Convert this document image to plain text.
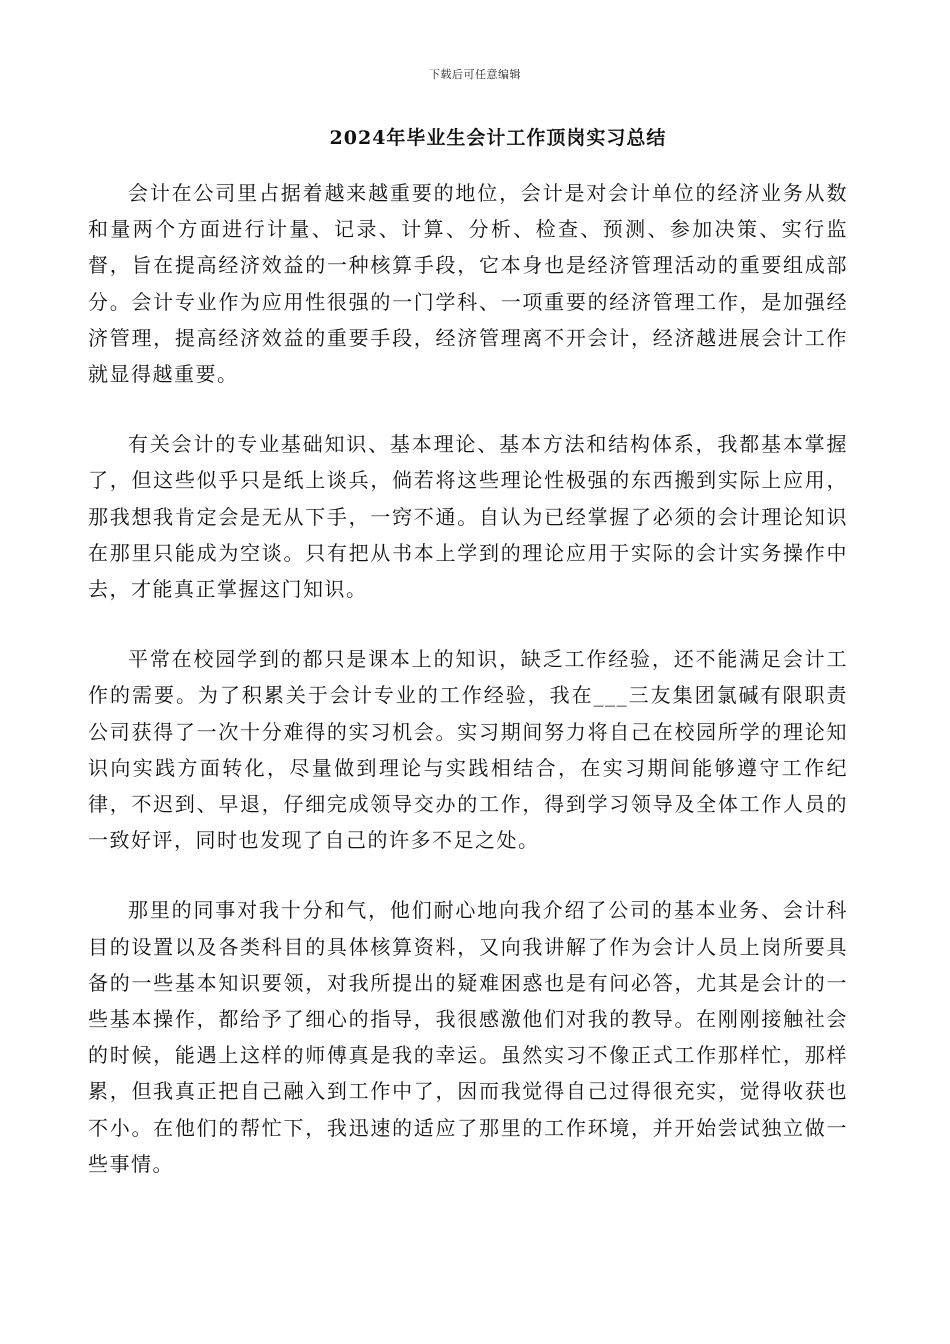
下载后可任意编辑
2024年毕业生会计工作顶岗实习总结

会计在公司里占据着越来越重要的地位，会计是对会计单位的经济业务从数和量两个方面进行计量、记录、计算、分析、检查、预测、参加决策、实行监督，旨在提高经济效益的一种核算手段，它本身也是经济管理活动的重要组成部分。会计专业作为应用性很强的一门学科、一项重要的经济管理工作，是加强经济管理，提高经济效益的重要手段，经济管理离不开会计，经济越进展会计工作就显得越重要。

有关会计的专业基础知识、基本理论、基本方法和结构体系，我都基本掌握了，但这些似乎只是纸上谈兵，倘若将这些理论性极强的东西搬到实际上应用，那我想我肯定会是无从下手，一窍不通。自认为已经掌握了必须的会计理论知识在那里只能成为空谈。只有把从书本上学到的理论应用于实际的会计实务操作中去，才能真正掌握这门知识。

平常在校园学到的都只是课本上的知识，缺乏工作经验，还不能满足会计工作的需要。为了积累关于会计专业的工作经验，我在___三友集团氯碱有限职责公司获得了一次十分难得的实习机会。实习期间努力将自己在校园所学的理论知识向实践方面转化，尽量做到理论与实践相结合，在实习期间能够遵守工作纪律，不迟到、早退，仔细完成领导交办的工作，得到学习领导及全体工作人员的一致好评，同时也发现了自己的许多不足之处。

那里的同事对我十分和气，他们耐心地向我介绍了公司的基本业务、会计科目的设置以及各类科目的具体核算资料，又向我讲解了作为会计人员上岗所要具备的一些基本知识要领，对我所提出的疑难困惑也是有问必答，尤其是会计的一些基本操作，都给予了细心的指导，我很感激他们对我的教导。在刚刚接触社会的时候，能遇上这样的师傅真是我的幸运。虽然实习不像正式工作那样忙，那样累，但我真正把自己融入到工作中了，因而我觉得自己过得很充实，觉得收获也不小。在他们的帮忙下，我迅速的适应了那里的工作环境，并开始尝试独立做一些事情。
